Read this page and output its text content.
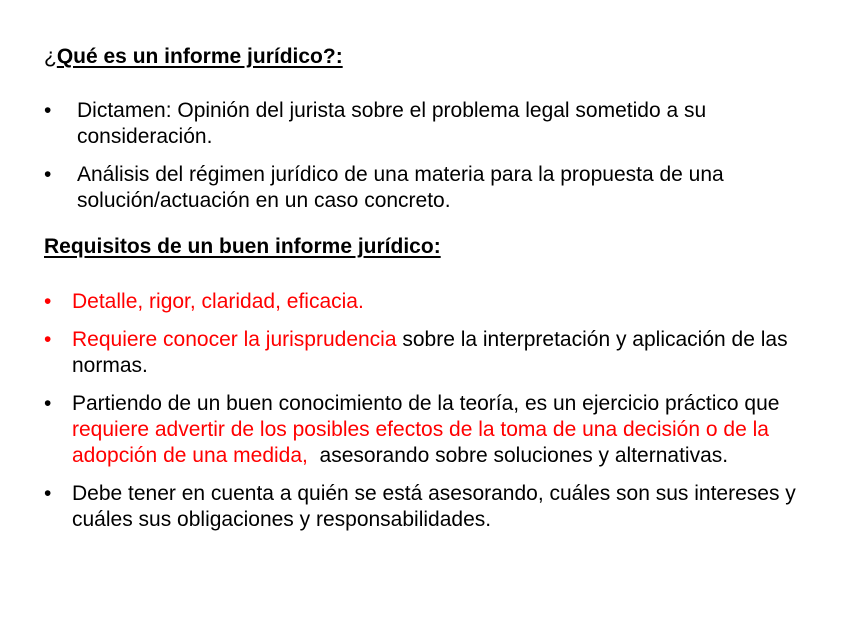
¿Qué es un informe jurídico?:
• Dictamen: Opinión del jurista sobre el problema legal sometido a su consideración.
• Análisis del régimen jurídico de una materia para la propuesta de una solución/actuación en un caso concreto.
Requisitos de un buen informe jurídico:
• Detalle, rigor, claridad, eficacia.
• Requiere conocer la jurisprudencia sobre la interpretación y aplicación de las normas.
• Partiendo de un buen conocimiento de la teoría, es un ejercicio práctico que requiere advertir de los posibles efectos de la toma de una decisión o de la adopción de una medida,  asesorando sobre soluciones y alternativas.
• Debe tener en cuenta a quién se está asesorando, cuáles son sus intereses y cuáles sus obligaciones y responsabilidades.
